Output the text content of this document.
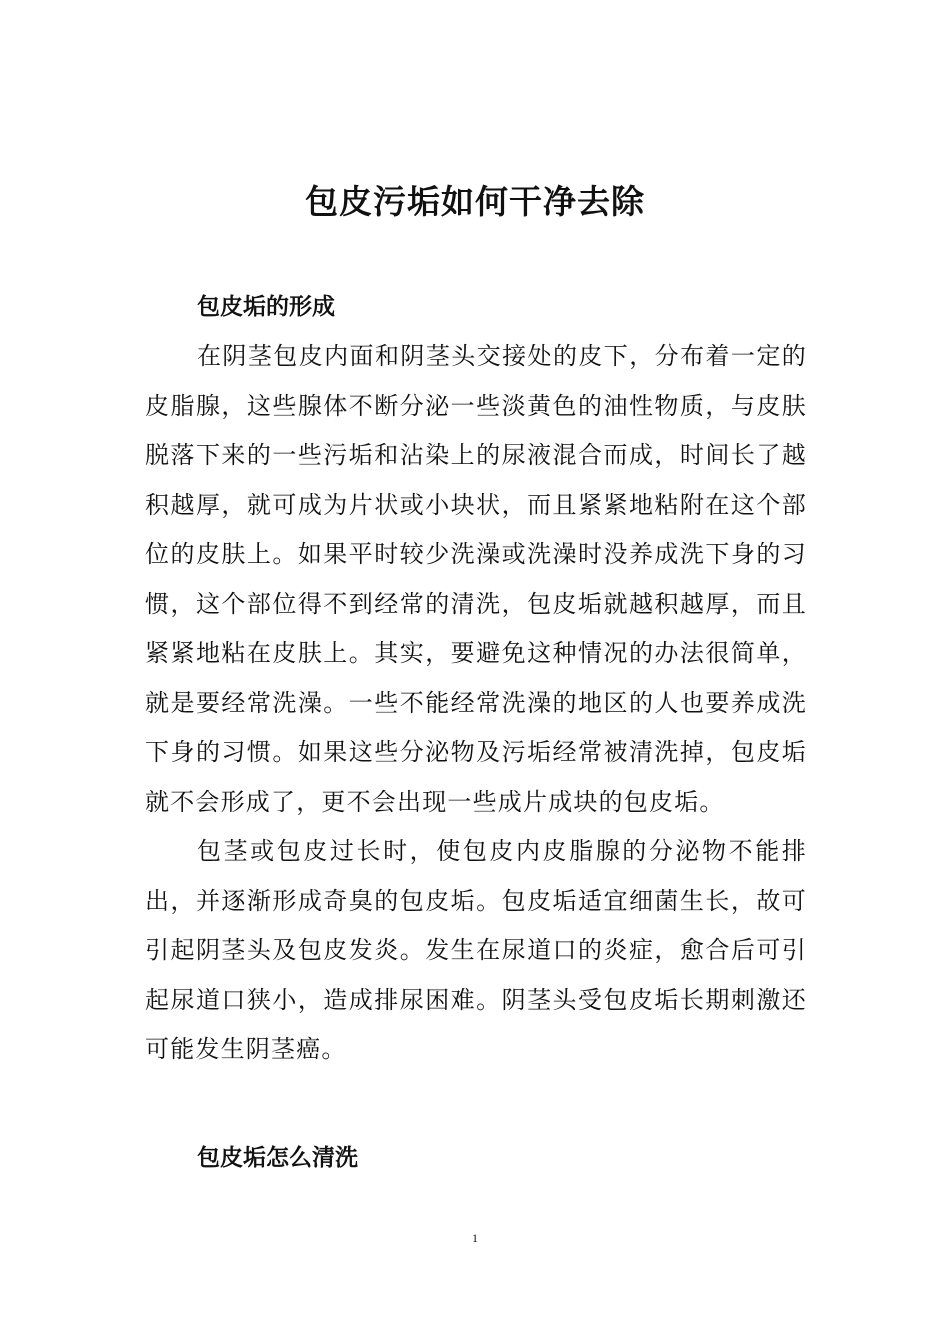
包皮污垢如何干净去除
包皮垢的形成

在阴茎包皮内面和阴茎头交接处的皮下，分布着一定的皮脂腺，这些腺体不断分泌一些淡黄色的油性物质，与皮肤脱落下来的一些污垢和沾染上的尿液混合而成，时间长了越积越厚，就可成为片状或小块状，而且紧紧地粘附在这个部位的皮肤上。如果平时较少洗澡或洗澡时没养成洗下身的习惯，这个部位得不到经常的清洗，包皮垢就越积越厚，而且紧紧地粘在皮肤上。其实，要避免这种情况的办法很简单，就是要经常洗澡。一些不能经常洗澡的地区的人也要养成洗下身的习惯。如果这些分泌物及污垢经常被清洗掉，包皮垢就不会形成了，更不会出现一些成片成块的包皮垢。

包茎或包皮过长时，使包皮内皮脂腺的分泌物不能排出，并逐渐形成奇臭的包皮垢。包皮垢适宜细菌生长，故可引起阴茎头及包皮发炎。发生在尿道口的炎症，愈合后可引起尿道口狭小，造成排尿困难。阴茎头受包皮垢长期刺激还可能发生阴茎癌。

包皮垢怎么清洗
1
